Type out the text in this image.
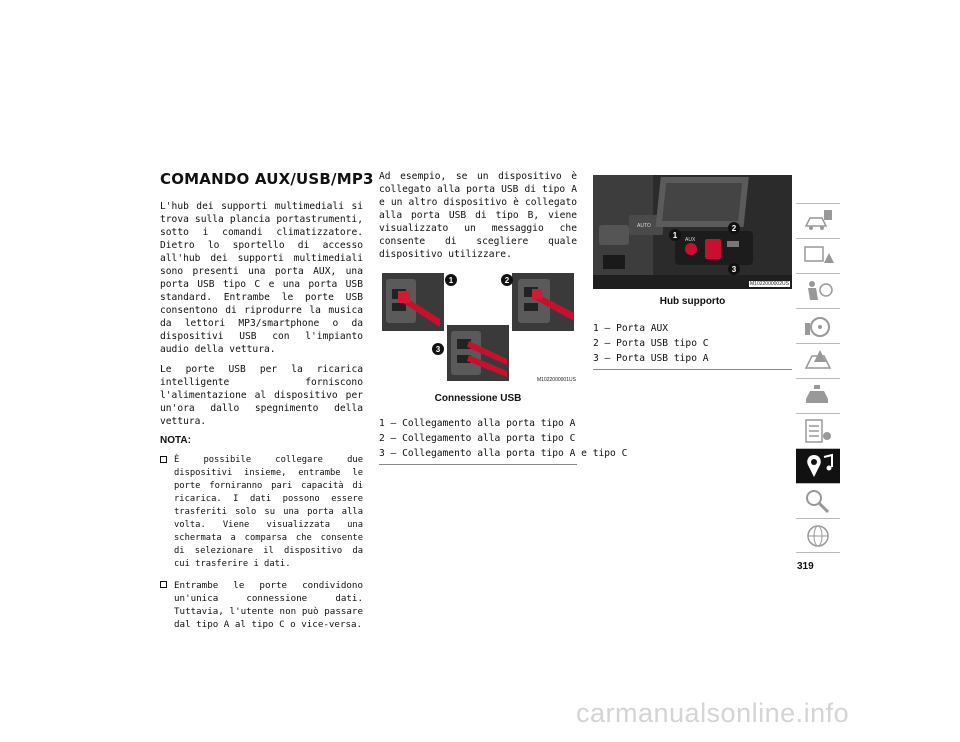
COMANDO AUX/USB/MP3

L'hub dei supporti multimediali si trova sulla plancia portastrumenti, sotto i comandi climatizzatore. Dietro lo sportello di accesso all'hub dei supporti multimediali sono presenti una porta AUX, una porta USB tipo C e una porta USB standard. Entrambe le porte USB consentono di riprodurre la musica da lettori MP3/smartphone o da dispositivi USB con l'impianto audio della vettura.

Le porte USB per la ricarica intelligente forniscono l'alimentazione al dispositivo per un'ora dallo spegnimento della vettura.

NOTA:
È possibile collegare due dispositivi insieme, entrambe le porte forniranno pari capacità di ricarica. I dati possono essere trasferiti solo su una porta alla volta. Viene visualizzata una schermata a comparsa che consente di selezionare il dispositivo da cui trasferire i dati.
Entrambe le porte condividono un'unica connessione dati. Tuttavia, l'utente non può passare dal tipo A al tipo C o vice-versa.

Ad esempio, se un dispositivo è collegato alla porta USB di tipo A e un altro dispositivo è collegato alla porta USB di tipo B, viene visualizzato un messaggio che consente di scegliere quale dispositivo utilizzare.

1	2
3
M1022000001US
Connessione USB
1 – Collegamento alla porta tipo A
2 – Collegamento alla porta tipo C
3 – Collegamento alla porta tipo A e tipo C
AUTO
AUX
1
2
3
M1022000002US
Hub supporto
1 – Porta AUX
2 – Porta USB tipo C
3 – Porta USB tipo A
319
carmanualsonline.info
